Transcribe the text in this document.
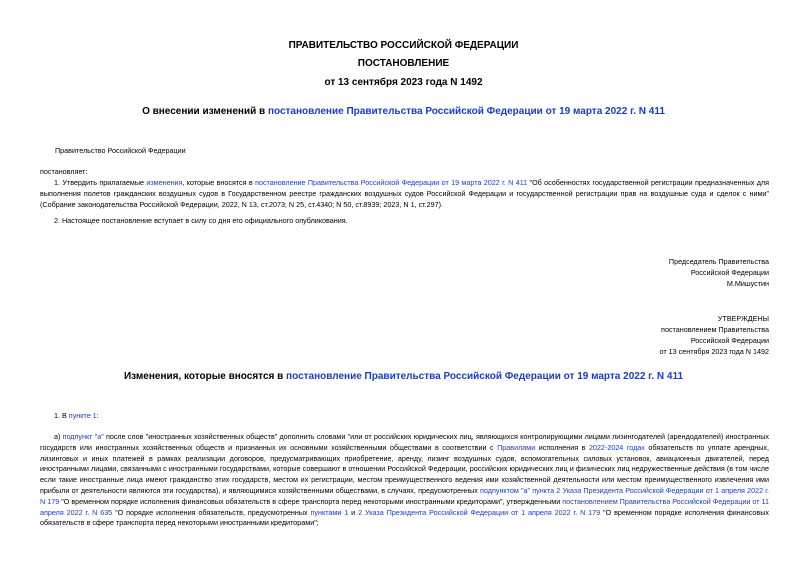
ПРАВИТЕЛЬСТВО РОССИЙСКОЙ ФЕДЕРАЦИИ
ПОСТАНОВЛЕНИЕ
от 13 сентября 2023 года N 1492
О внесении изменений в постановление Правительства Российской Федерации от 19 марта 2022 г. N 411
Правительство Российской Федерации
постановляет:
1. Утвердить прилагаемые изменения, которые вносятся в постановление Правительства Российской Федерации от 19 марта 2022 г. N 411 "Об особенностях государственной регистрации предназначенных для выполнения полетов гражданских воздушных судов в Государственном реестре гражданских воздушных судов Российской Федерации и государственной регистрации прав на воздушные суда и сделок с ними" (Собрание законодательства Российской Федерации, 2022, N 13, ст.2073; N 25, ст.4340; N 50, ст.8939; 2023, N 1, ст.297).
2. Настоящее постановление вступает в силу со дня его официального опубликования.
Председатель Правительства
Российской Федерации
М.Мишустин
УТВЕРЖДЕНЫ
постановлением Правительства
Российской Федерации
от 13 сентября 2023 года N 1492
Изменения, которые вносятся в постановление Правительства Российской Федерации от 19 марта 2022 г. N 411
1. В пункте 1:
а) подпункт "а" после слов "иностранных хозяйственных обществ" дополнить словами "или от российских юридических лиц, являющихся контролирующими лицами лизингодателей (арендодателей) иностранных государств или иностранных хозяйственных обществ и признанных их основными хозяйственными обществами в соответствии с Правилами исполнения в 2022-2024 годах обязательств по уплате арендных, лизинговых и иных платежей в рамках реализации договоров, предусматривающих приобретение, аренду, лизинг воздушных судов, вспомогательных силовых установок, авиационных двигателей, перед иностранными лицами, связанными с иностранными государствами, которые совершают в отношении Российской Федерации, российских юридических лиц и физических лиц недружественные действия (в том числе если такие иностранные лица имеют гражданство этих государств, местом их регистрации, местом преимущественного ведения ими хозяйственной деятельности или местом преимущественного извлечения ими прибыли от деятельности являются эти государства), и являющимися хозяйственными обществами, в случаях, предусмотренных подпунктом "а" пункта 2 Указа Президента Российской Федерации от 1 апреля 2022 г. N 179 "О временном порядке исполнения финансовых обязательств в сфере транспорта перед некоторыми иностранными кредиторами", утвержденными постановлением Правительства Российской Федерации от 11 апреля 2022 г. N 635 "О порядке исполнения обязательств, предусмотренных пунктами 1 и 2 Указа Президента Российской Федерации от 1 апреля 2022 г. N 179 "О временном порядке исполнения финансовых обязательств в сфере транспорта перед некоторыми иностранными кредиторами";
